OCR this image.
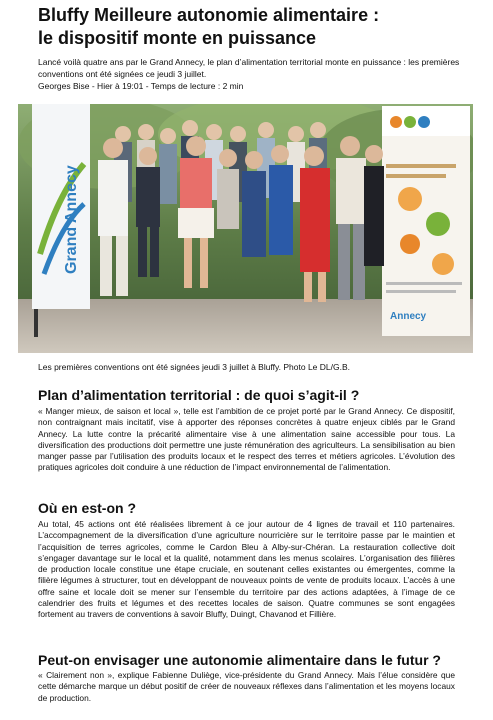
Bluffy Meilleure autonomie alimentaire :
le dispositif monte en puissance
Lancé voilà quatre ans par le Grand Annecy, le plan d’alimentation territorial monte en puissance : les premières conventions ont été signées ce jeudi 3 juillet.
Georges Bise - Hier à 19:01 - Temps de lecture : 2 min
Grand Annecy
Annecy
Les premières conventions ont été signées jeudi 3 juillet à Bluffy. Photo Le DL/G.B.
Plan d’alimentation territorial : de quoi s’agit-il ?

« Manger mieux, de saison et local », telle est l’ambition de ce projet porté par le Grand Annecy. Ce dispositif, non contraignant mais incitatif, vise à apporter des réponses concrètes à quatre enjeux ciblés par le Grand Annecy. La lutte contre la précarité alimentaire vise à une alimentation saine accessible pour tous. La diversification des productions doit permettre une juste rémunération des agriculteurs. La sensibilisation au bien manger passe par l’utilisation des produits locaux et le respect des terres et métiers agricoles. L’évolution des pratiques agricoles doit conduire à une réduction de l’impact environnemental de l’alimentation.

Où en est-on ?

Au total, 45 actions ont été réalisées librement à ce jour autour de 4 lignes de travail et 110 partenaires. L’accompagnement de la diversification d’une agriculture nourricière sur le territoire passe par le maintien et l’acquisition de terres agricoles, comme le Cardon Bleu à Alby-sur-Chéran. La restauration collective doit s’engager davantage sur le local et la qualité, notamment dans les menus scolaires. L’organisation des filières de production locale constitue une étape cruciale, en soutenant celles existantes ou émergentes, comme la filière légumes à structurer, tout en développant de nouveaux points de vente de produits locaux. L’accès à une offre saine et locale doit se mener sur l’ensemble du territoire par des actions adaptées, à l’image de ce calendrier des fruits et légumes et des recettes locales de saison. Quatre communes se sont engagées fortement au travers de conventions à savoir Bluffy, Duingt, Chavanod et Fillière.

Peut-on envisager une autonomie alimentaire dans le futur ?

« Clairement non », explique Fabienne Duliège, vice-présidente du Grand Annecy. Mais l’élue considère que cette démarche marque un début positif de créer de nouveaux réflexes dans l’alimentation et les moyens locaux de production.
